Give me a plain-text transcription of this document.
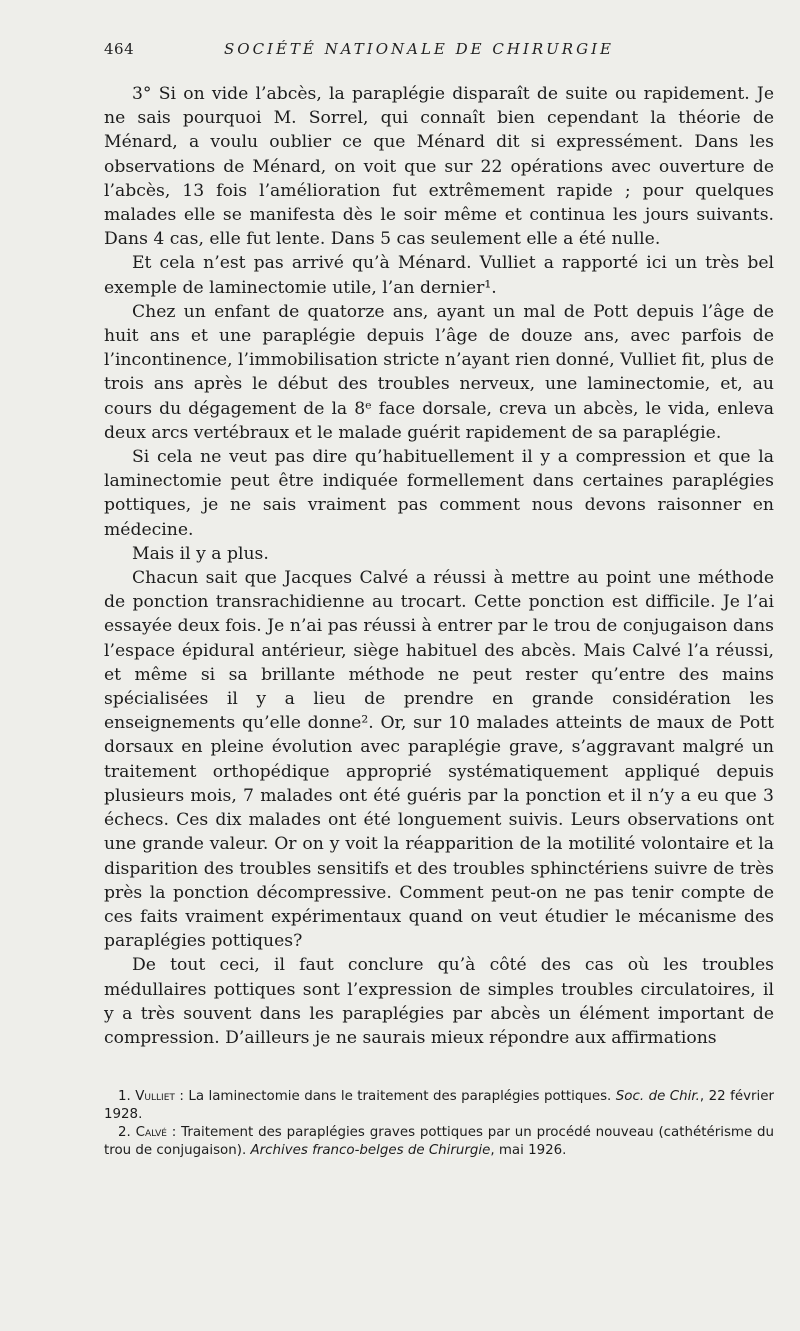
464	SOCIÉTÉ NATIONALE DE CHIRURGIE

3° Si on vide l’abcès, la paraplégie disparaît de suite ou rapidement. Je ne sais pourquoi M. Sorrel, qui connaît bien cependant la théorie de Ménard, a voulu oublier ce que Ménard dit si expressément. Dans les observations de Ménard, on voit que sur 22 opérations avec ouverture de l’abcès, 13 fois l’amélioration fut extrêmement rapide ; pour quelques malades elle se manifesta dès le soir même et continua les jours suivants. Dans 4 cas, elle fut lente. Dans 5 cas seulement elle a été nulle.

Et cela n’est pas arrivé qu’à Ménard. Vulliet a rapporté ici un très bel exemple de laminectomie utile, l’an dernier¹.

Chez un enfant de quatorze ans, ayant un mal de Pott depuis l’âge de huit ans et une paraplégie depuis l’âge de douze ans, avec parfois de l’incontinence, l’immobilisation stricte n’ayant rien donné, Vulliet fit, plus de trois ans après le début des troubles nerveux, une laminectomie, et, au cours du dégagement de la 8ᵉ face dorsale, creva un abcès, le vida, enleva deux arcs vertébraux et le malade guérit rapidement de sa paraplégie.

Si cela ne veut pas dire qu’habituellement il y a compression et que la laminectomie peut être indiquée formellement dans certaines paraplégies pottiques, je ne sais vraiment pas comment nous devons raisonner en médecine.

Mais il y a plus.

Chacun sait que Jacques Calvé a réussi à mettre au point une méthode de ponction transrachidienne au trocart. Cette ponction est difficile. Je l’ai essayée deux fois. Je n’ai pas réussi à entrer par le trou de conjugaison dans l’espace épidural antérieur, siège habituel des abcès. Mais Calvé l’a réussi, et même si sa brillante méthode ne peut rester qu’entre des mains spécialisées il y a lieu de prendre en grande considération les enseignements qu’elle donne². Or, sur 10 malades atteints de maux de Pott dorsaux en pleine évolution avec paraplégie grave, s’aggravant malgré un traitement orthopédique approprié systématiquement appliqué depuis plusieurs mois, 7 malades ont été guéris par la ponction et il n’y a eu que 3 échecs. Ces dix malades ont été longuement suivis. Leurs observations ont une grande valeur. Or on y voit la réapparition de la motilité volontaire et la disparition des troubles sensitifs et des troubles sphinctériens suivre de très près la ponction décompressive. Comment peut-on ne pas tenir compte de ces faits vraiment expérimentaux quand on veut étudier le mécanisme des paraplégies pottiques?

De tout ceci, il faut conclure qu’à côté des cas où les troubles médullaires pottiques sont l’expression de simples troubles circulatoires, il y a très souvent dans les paraplégies par abcès un élément important de compression. D’ailleurs je ne saurais mieux répondre aux affirmations

1. Vulliet : La laminectomie dans le traitement des paraplégies pottiques. Soc. de Chir., 22 février 1928.

2. Calvé : Traitement des paraplégies graves pottiques par un procédé nouveau (cathétérisme du trou de conjugaison). Archives franco-belges de Chirurgie, mai 1926.
